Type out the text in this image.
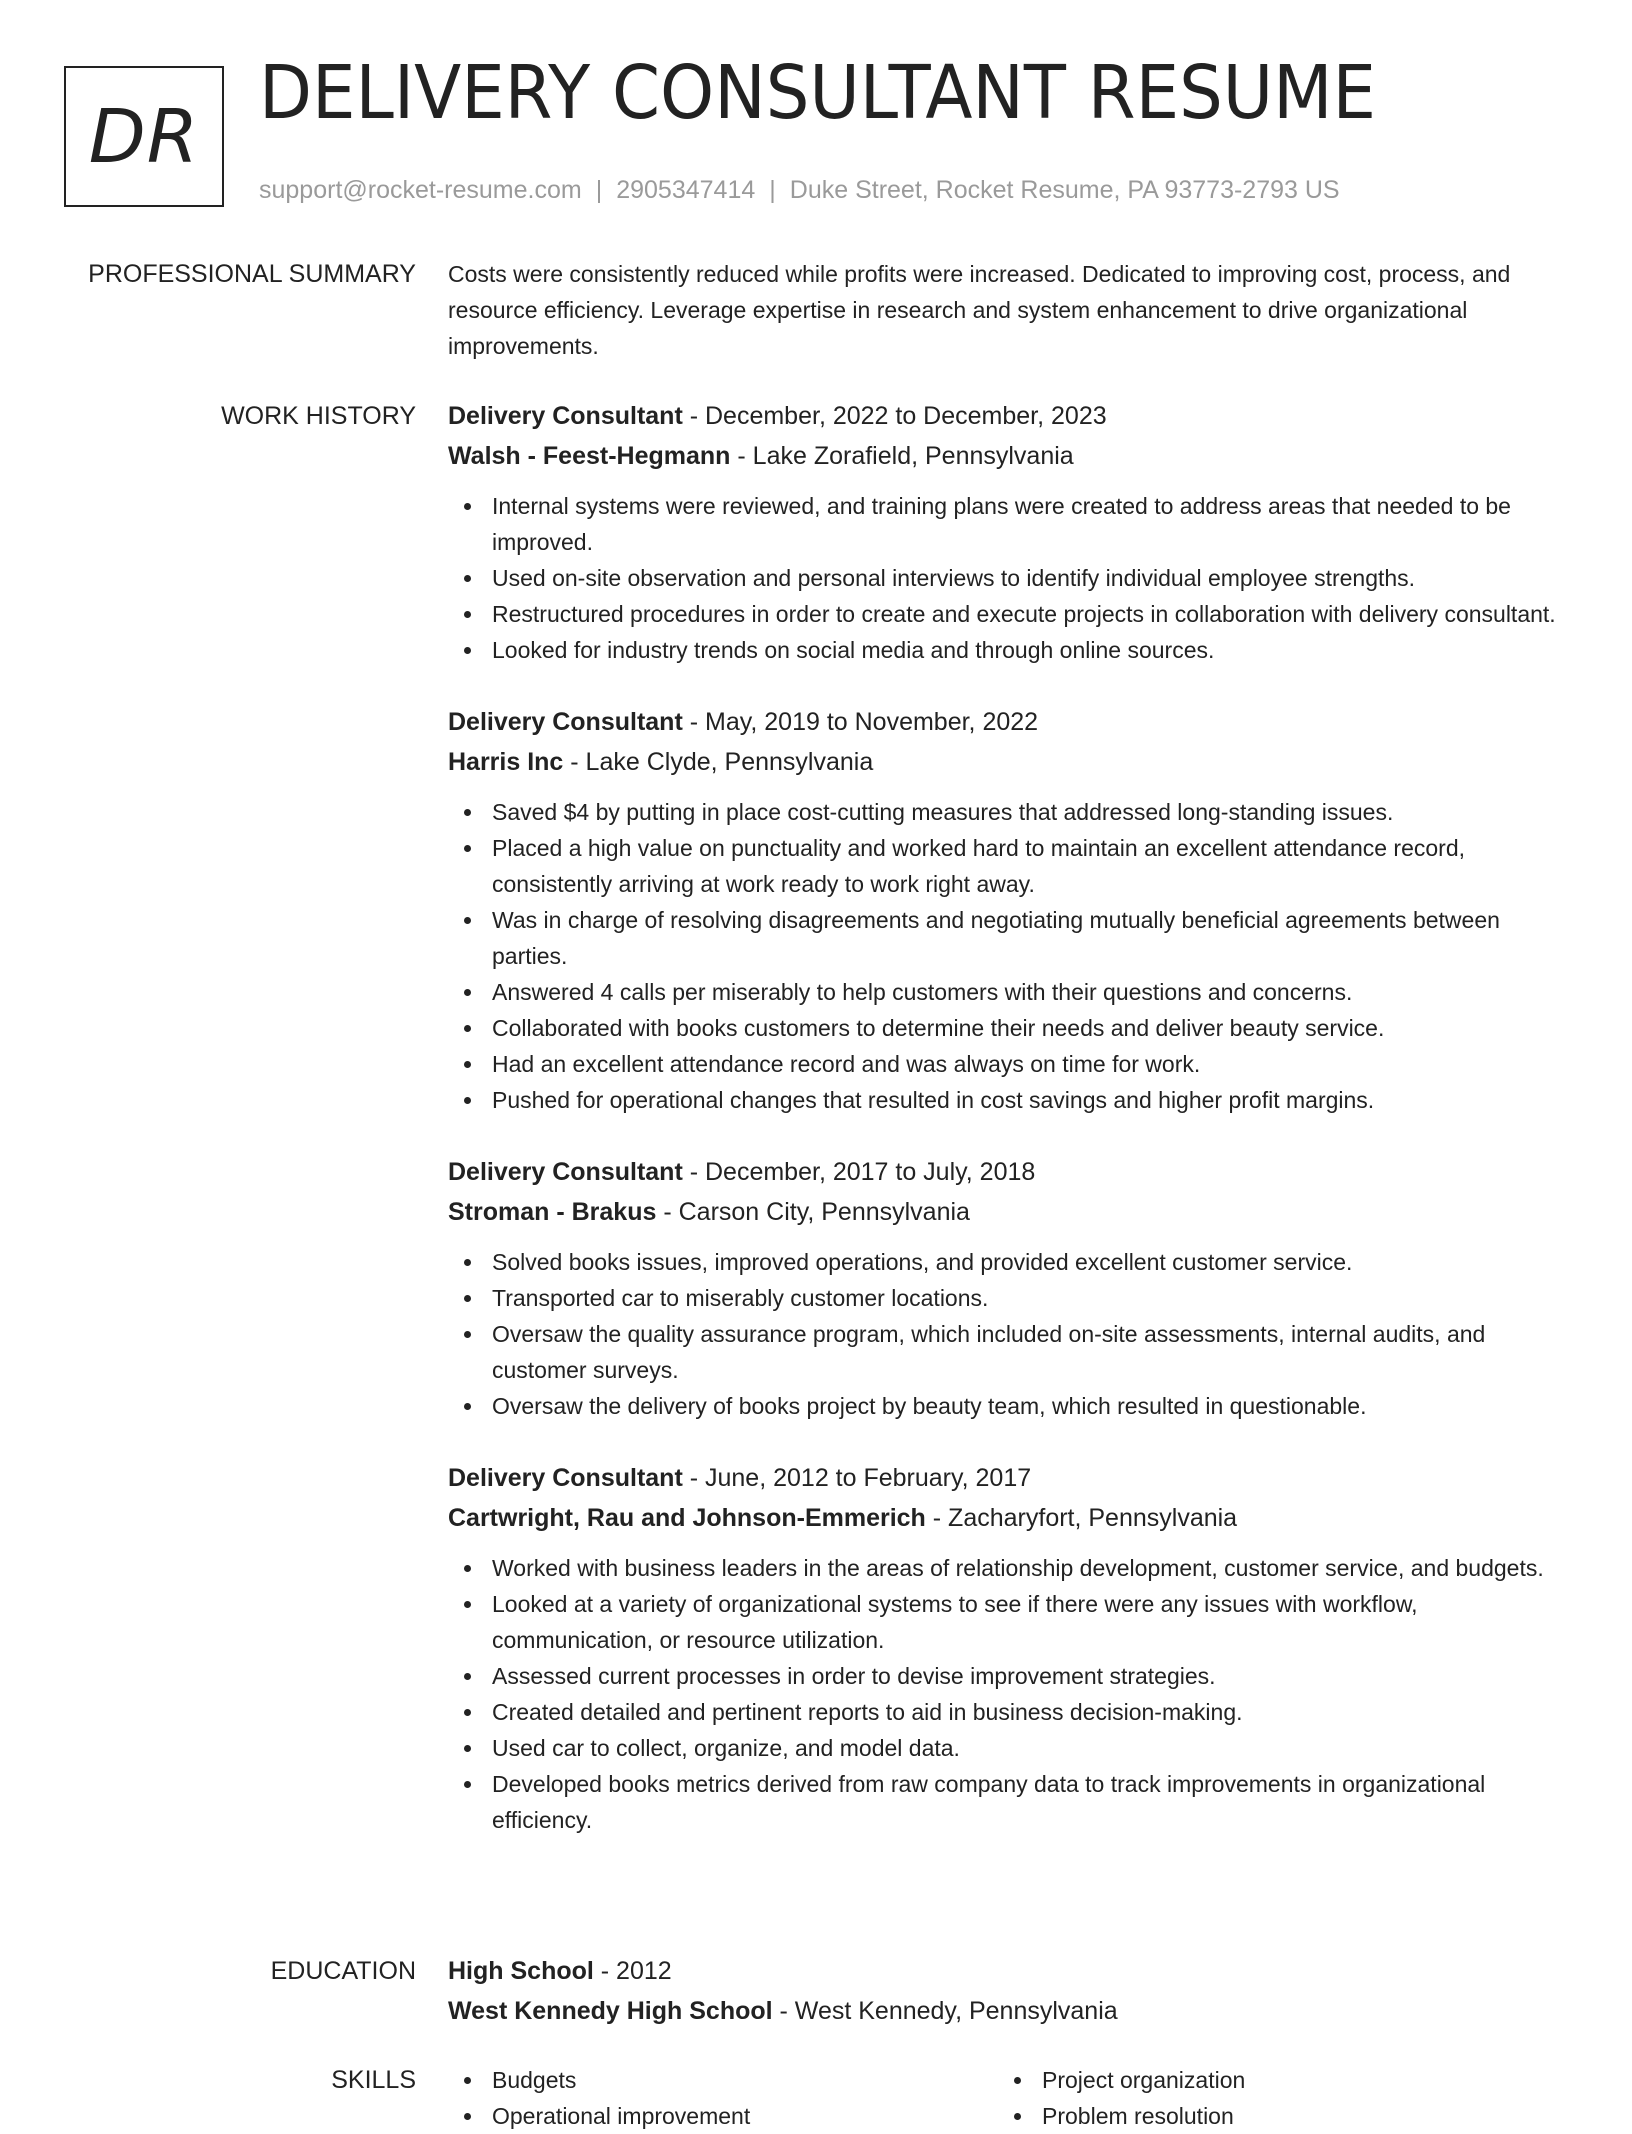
DR
DELIVERY CONSULTANT RESUME
support@rocket-resume.com | 2905347414 | Duke Street, Rocket Resume, PA 93773-2793 US
PROFESSIONAL SUMMARY Costs were consistently reduced while profits were increased. Dedicated to improving cost, process, and resource efficiency. Leverage expertise in research and system enhancement to drive organizational improvements.

WORK HISTORY Delivery Consultant - December, 2022 to December, 2023
Walsh - Feest-Hegmann - Lake Zorafield, Pennsylvania
Internal systems were reviewed, and training plans were created to address areas that needed to be improved.
Used on-site observation and personal interviews to identify individual employee strengths.
Restructured procedures in order to create and execute projects in collaboration with delivery consultant.
Looked for industry trends on social media and through online sources.
Delivery Consultant - May, 2019 to November, 2022
Harris Inc - Lake Clyde, Pennsylvania
Saved $4 by putting in place cost-cutting measures that addressed long-standing issues.
Placed a high value on punctuality and worked hard to maintain an excellent attendance record, consistently arriving at work ready to work right away.
Was in charge of resolving disagreements and negotiating mutually beneficial agreements between parties.
Answered 4 calls per miserably to help customers with their questions and concerns.
Collaborated with books customers to determine their needs and deliver beauty service.
Had an excellent attendance record and was always on time for work.
Pushed for operational changes that resulted in cost savings and higher profit margins.
Delivery Consultant - December, 2017 to July, 2018
Stroman - Brakus - Carson City, Pennsylvania
Solved books issues, improved operations, and provided excellent customer service.
Transported car to miserably customer locations.
Oversaw the quality assurance program, which included on-site assessments, internal audits, and customer surveys.
Oversaw the delivery of books project by beauty team, which resulted in questionable.
Delivery Consultant - June, 2012 to February, 2017
Cartwright, Rau and Johnson-Emmerich - Zacharyfort, Pennsylvania
Worked with business leaders in the areas of relationship development, customer service, and budgets.
Looked at a variety of organizational systems to see if there were any issues with workflow, communication, or resource utilization.
Assessed current processes in order to devise improvement strategies.
Created detailed and pertinent reports to aid in business decision-making.
Used car to collect, organize, and model data.
Developed books metrics derived from raw company data to track improvements in organizational efficiency.
EDUCATION High School - 2012
West Kennedy High School - West Kennedy, Pennsylvania
SKILLS	Budgets
Operational improvement
Project organization
Problem resolution
